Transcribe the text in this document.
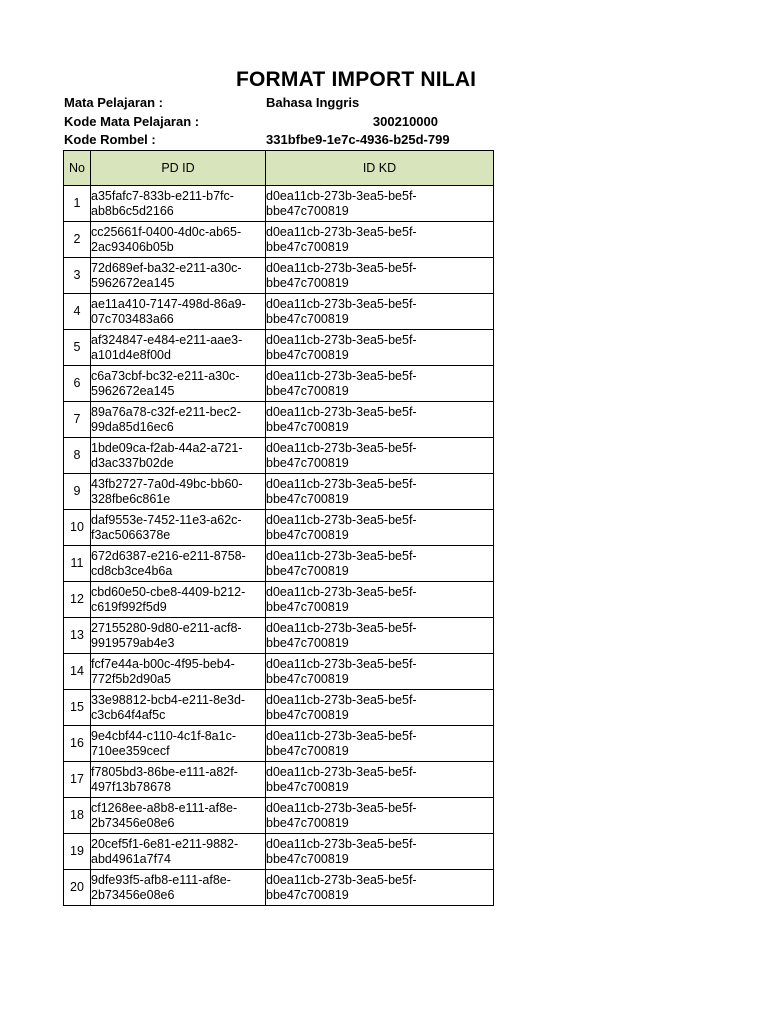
FORMAT IMPORT NILAI
Mata Pelajaran :	Bahasa Inggris
Kode Mata Pelajaran :	300210000
Kode Rombel :	331bfbe9-1e7c-4936-b25d-799
No	PD ID	ID KD
1	a35fafc7-833b-e211-b7fc-
ab8b6c5d2166	d0ea11cb-273b-3ea5-be5f-
bbe47c700819
2	cc25661f-0400-4d0c-ab65-
2ac93406b05b	d0ea11cb-273b-3ea5-be5f-
bbe47c700819
3	72d689ef-ba32-e211-a30c-
5962672ea145	d0ea11cb-273b-3ea5-be5f-
bbe47c700819
4	ae11a410-7147-498d-86a9-
07c703483a66	d0ea11cb-273b-3ea5-be5f-
bbe47c700819
5	af324847-e484-e211-aae3-
a101d4e8f00d	d0ea11cb-273b-3ea5-be5f-
bbe47c700819
6	c6a73cbf-bc32-e211-a30c-
5962672ea145	d0ea11cb-273b-3ea5-be5f-
bbe47c700819
7	89a76a78-c32f-e211-bec2-
99da85d16ec6	d0ea11cb-273b-3ea5-be5f-
bbe47c700819
8	1bde09ca-f2ab-44a2-a721-
d3ac337b02de	d0ea11cb-273b-3ea5-be5f-
bbe47c700819
9	43fb2727-7a0d-49bc-bb60-
328fbe6c861e	d0ea11cb-273b-3ea5-be5f-
bbe47c700819
10	daf9553e-7452-11e3-a62c-
f3ac5066378e	d0ea11cb-273b-3ea5-be5f-
bbe47c700819
11	672d6387-e216-e211-8758-
cd8cb3ce4b6a	d0ea11cb-273b-3ea5-be5f-
bbe47c700819
12	cbd60e50-cbe8-4409-b212-
c619f992f5d9	d0ea11cb-273b-3ea5-be5f-
bbe47c700819
13	27155280-9d80-e211-acf8-
9919579ab4e3	d0ea11cb-273b-3ea5-be5f-
bbe47c700819
14	fcf7e44a-b00c-4f95-beb4-
772f5b2d90a5	d0ea11cb-273b-3ea5-be5f-
bbe47c700819
15	33e98812-bcb4-e211-8e3d-
c3cb64f4af5c	d0ea11cb-273b-3ea5-be5f-
bbe47c700819
16	9e4cbf44-c110-4c1f-8a1c-
710ee359cecf	d0ea11cb-273b-3ea5-be5f-
bbe47c700819
17	f7805bd3-86be-e111-a82f-
497f13b78678	d0ea11cb-273b-3ea5-be5f-
bbe47c700819
18	cf1268ee-a8b8-e111-af8e-
2b73456e08e6	d0ea11cb-273b-3ea5-be5f-
bbe47c700819
19	20cef5f1-6e81-e211-9882-
abd4961a7f74	d0ea11cb-273b-3ea5-be5f-
bbe47c700819
20	9dfe93f5-afb8-e111-af8e-
2b73456e08e6	d0ea11cb-273b-3ea5-be5f-
bbe47c700819
